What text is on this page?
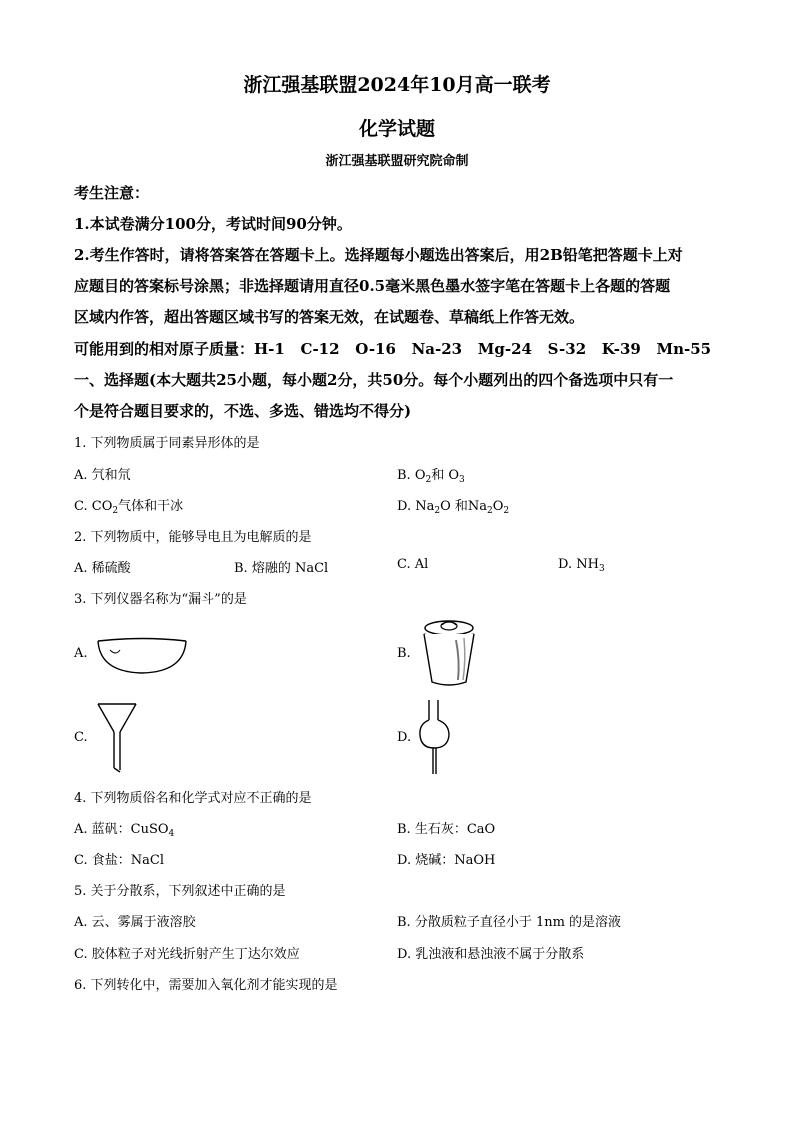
浙江强基联盟2024年10月高一联考
化学试题
浙江强基联盟研究院命制
考生注意：
1.本试卷满分100分，考试时间90分钟。
2.考生作答时，请将答案答在答题卡上。选择题每小题选出答案后，用2B铅笔把答题卡上对
应题目的答案标号涂黑；非选择题请用直径0.5毫米黑色墨水签字笔在答题卡上各题的答题
区域内作答，超出答题区域书写的答案无效，在试题卷、草稿纸上作答无效。
可能用到的相对原子质量：H-1   C-12   O-16   Na-23   Mg-24   S-32   K-39   Mn-55
一、选择题(本大题共25小题，每小题2分，共50分。每个小题列出的四个备选项中只有一
个是符合题目要求的，不选、多选、错选均不得分)
1. 下列物质属于同素异形体的是
A. 氕和氘	B. $O_2$和 $O_3$
C. $CO_2$气体和干冰	D. $Na_2O$ 和$Na_2O_2$
2. 下列物质中，能够导电且为电解质的是
A. 稀硫酸	B. 熔融的 NaCl	C. Al	D. $NH_3$
3. 下列仪器名称为“漏斗”的是
A.	B.
C.	D.
4. 下列物质俗名和化学式对应不正确的是
A. 蓝矾：CuSO$_4$	B. 生石灰：CaO
C. 食盐：NaCl	D. 烧碱：NaOH
5. 关于分散系，下列叙述中正确的是
A. 云、雾属于液溶胶	B. 分散质粒子直径小于 1nm 的是溶液
C. 胶体粒子对光线折射产生丁达尔效应	D. 乳浊液和悬浊液不属于分散系
6. 下列转化中，需要加入氧化剂才能实现的是
